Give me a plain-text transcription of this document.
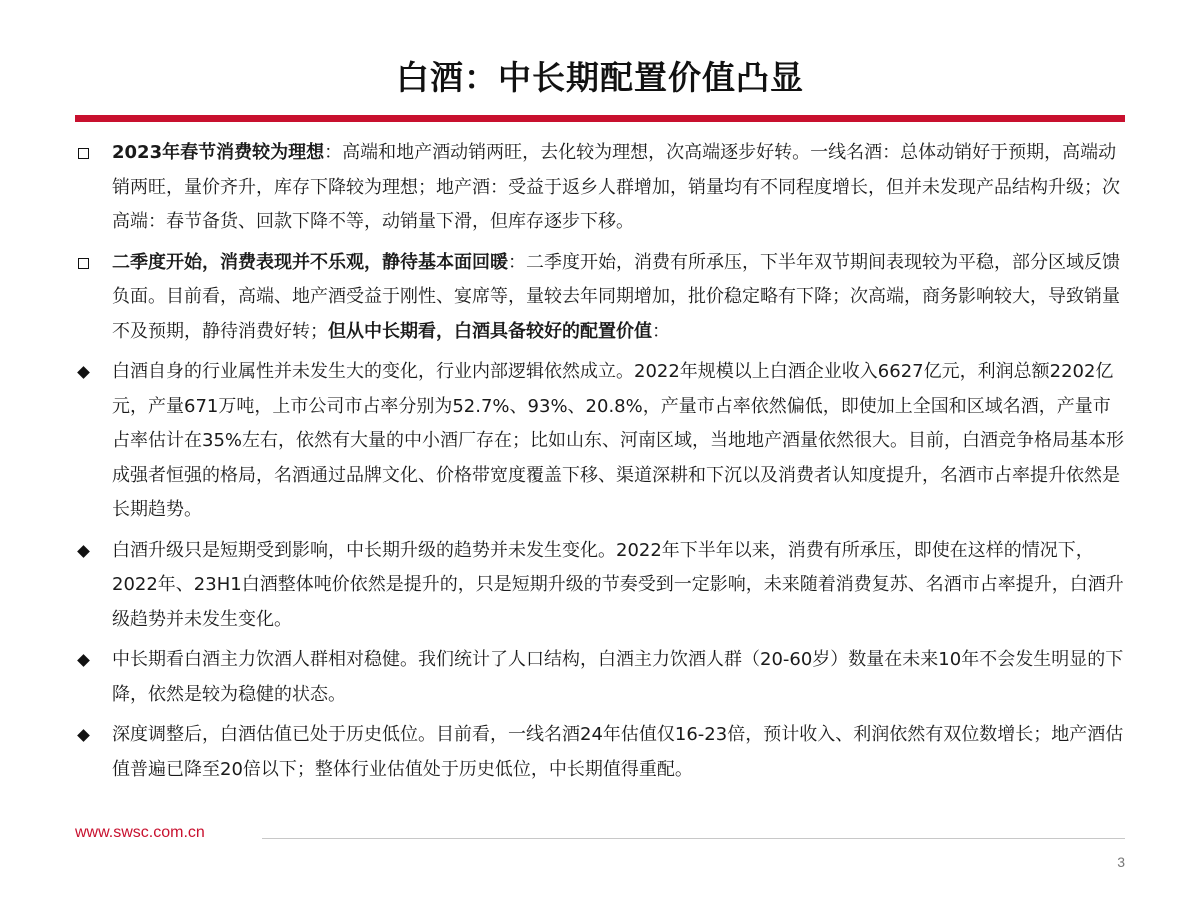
白酒：中长期配置价值凸显
2023年春节消费较为理想：高端和地产酒动销两旺，去化较为理想，次高端逐步好转。一线名酒：总体动销好于预期，高端动销两旺，量价齐升，库存下降较为理想；地产酒：受益于返乡人群增加，销量均有不同程度增长，但并未发现产品结构升级；次高端：春节备货、回款下降不等，动销量下滑，但库存逐步下移。
二季度开始，消费表现并不乐观，静待基本面回暖：二季度开始，消费有所承压，下半年双节期间表现较为平稳，部分区域反馈负面。目前看，高端、地产酒受益于刚性、宴席等，量较去年同期增加，批价稳定略有下降；次高端，商务影响较大，导致销量不及预期，静待消费好转；但从中长期看，白酒具备较好的配置价值：
白酒自身的行业属性并未发生大的变化，行业内部逻辑依然成立。2022年规模以上白酒企业收入6627亿元，利润总额2202亿元，产量671万吨，上市公司市占率分别为52.7%、93%、20.8%，产量市占率依然偏低，即使加上全国和区域名酒，产量市占率估计在35%左右，依然有大量的中小酒厂存在；比如山东、河南区域，当地地产酒量依然很大。目前，白酒竞争格局基本形成强者恒强的格局，名酒通过品牌文化、价格带宽度覆盖下移、渠道深耕和下沉以及消费者认知度提升，名酒市占率提升依然是长期趋势。
白酒升级只是短期受到影响，中长期升级的趋势并未发生变化。2022年下半年以来，消费有所承压，即使在这样的情况下，2022年、23H1白酒整体吨价依然是提升的，只是短期升级的节奏受到一定影响，未来随着消费复苏、名酒市占率提升，白酒升级趋势并未发生变化。
中长期看白酒主力饮酒人群相对稳健。我们统计了人口结构，白酒主力饮酒人群（20-60岁）数量在未来10年不会发生明显的下降，依然是较为稳健的状态。
深度调整后，白酒估值已处于历史低位。目前看，一线名酒24年估值仅16-23倍，预计收入、利润依然有双位数增长；地产酒估值普遍已降至20倍以下；整体行业估值处于历史低位，中长期值得重配。
www.swsc.com.cn
3
